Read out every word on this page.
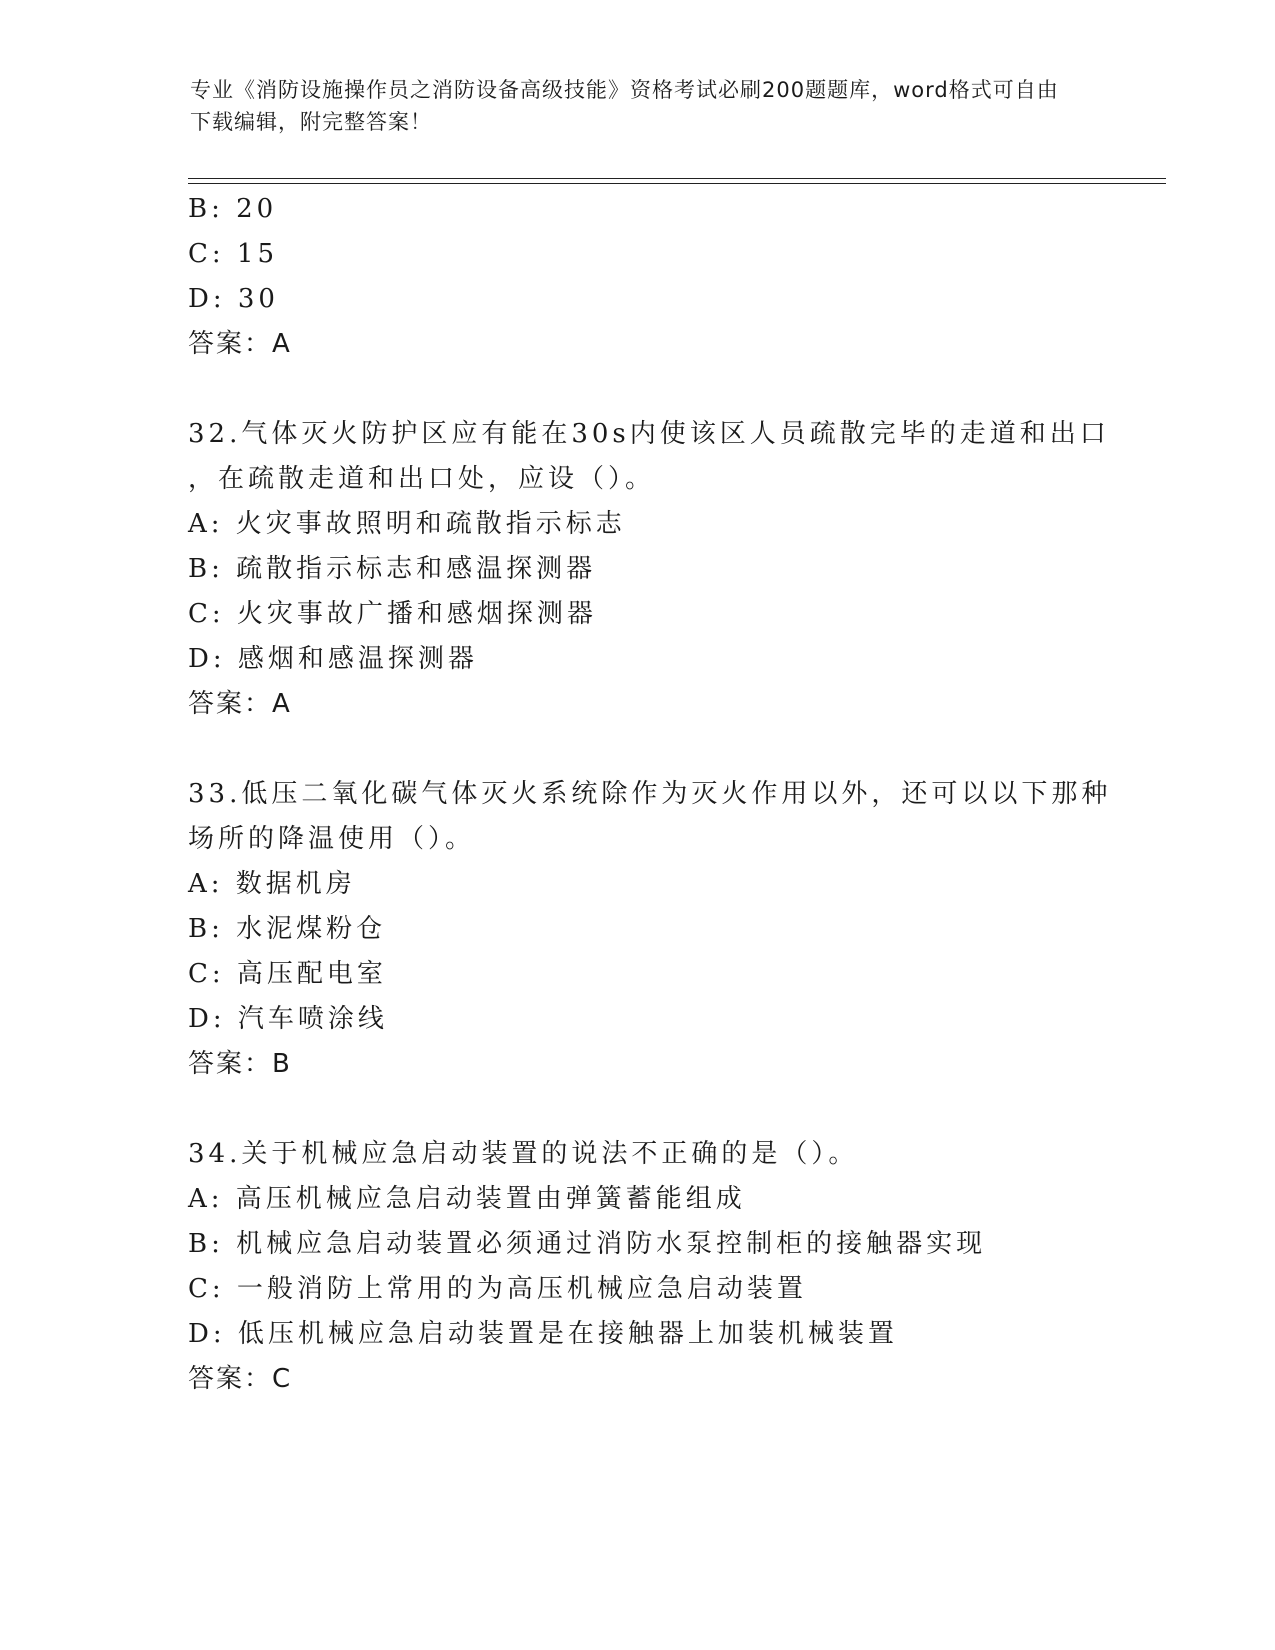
专业《消防设施操作员之消防设备高级技能》资格考试必刷200题题库，word格式可自由下载编辑，附完整答案！
B: 20
C: 15
D: 30
答案：A
32.气体灭火防护区应有能在30s内使该区人员疏散完毕的走道和出口
，在疏散走道和出口处，应设（）。
A: 火灾事故照明和疏散指示标志
B: 疏散指示标志和感温探测器
C: 火灾事故广播和感烟探测器
D: 感烟和感温探测器
答案：A
33.低压二氧化碳气体灭火系统除作为灭火作用以外，还可以以下那种
场所的降温使用（）。
A: 数据机房
B: 水泥煤粉仓
C: 高压配电室
D: 汽车喷涂线
答案：B
34.关于机械应急启动装置的说法不正确的是（）。
A: 高压机械应急启动装置由弹簧蓄能组成
B: 机械应急启动装置必须通过消防水泵控制柜的接触器实现
C: 一般消防上常用的为高压机械应急启动装置
D: 低压机械应急启动装置是在接触器上加装机械装置
答案：C
